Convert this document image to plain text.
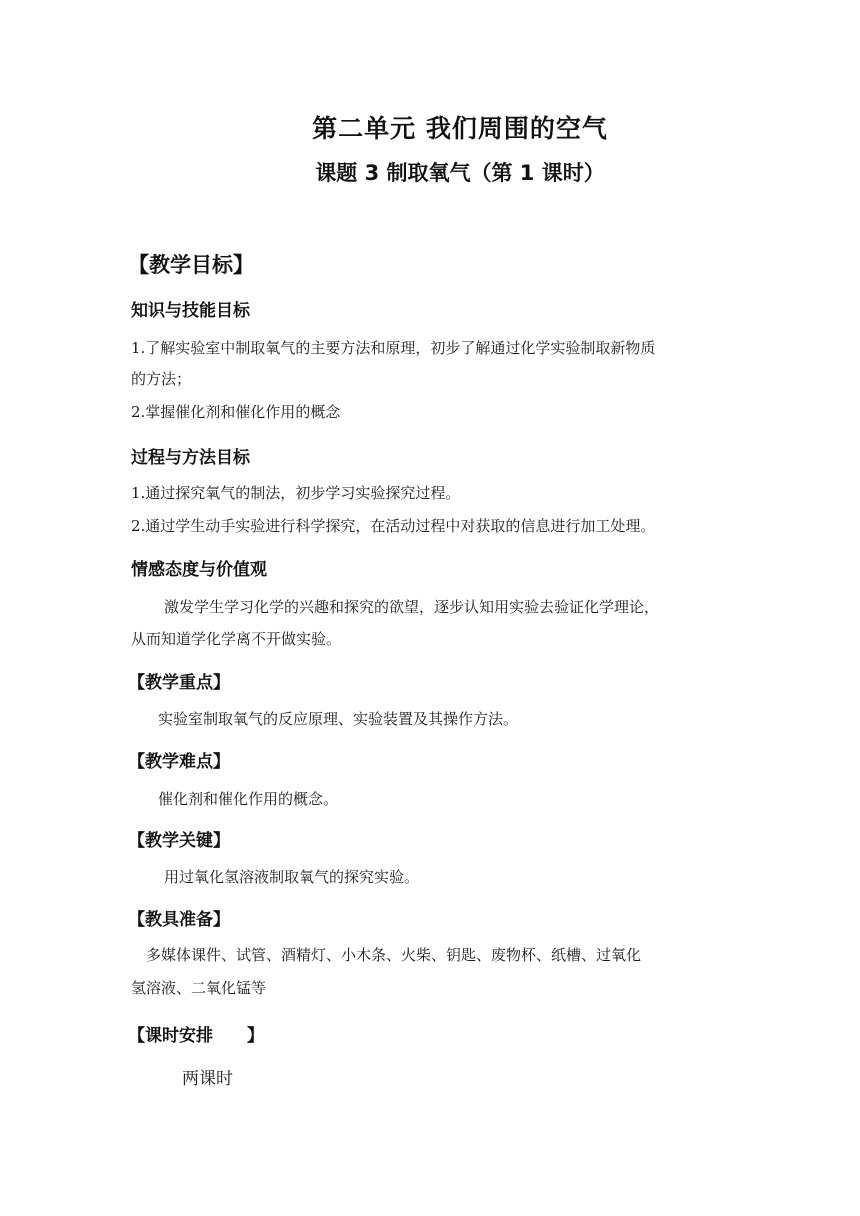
第二单元 我们周围的空气
课题 3 制取氧气（第 1 课时）
【教学目标】
知识与技能目标
1.了解实验室中制取氧气的主要方法和原理，初步了解通过化学实验制取新物质
的方法；
2.掌握催化剂和催化作用的概念
过程与方法目标
1.通过探究氧气的制法，初步学习实验探究过程。
2.通过学生动手实验进行科学探究，在活动过程中对获取的信息进行加工处理。
情感态度与价值观
激发学生学习化学的兴趣和探究的欲望，逐步认知用实验去验证化学理论，
从而知道学化学离不开做实验。
【教学重点】
实验室制取氧气的反应原理、实验装置及其操作方法。
【教学难点】
催化剂和催化作用的概念。
【教学关键】
用过氧化氢溶液制取氧气的探究实验。
【教具准备】
多媒体课件、试管、酒精灯、小木条、火柴、钥匙、废物杯、纸槽、过氧化
氢溶液、二氧化锰等
【课时安排　　】
两课时
